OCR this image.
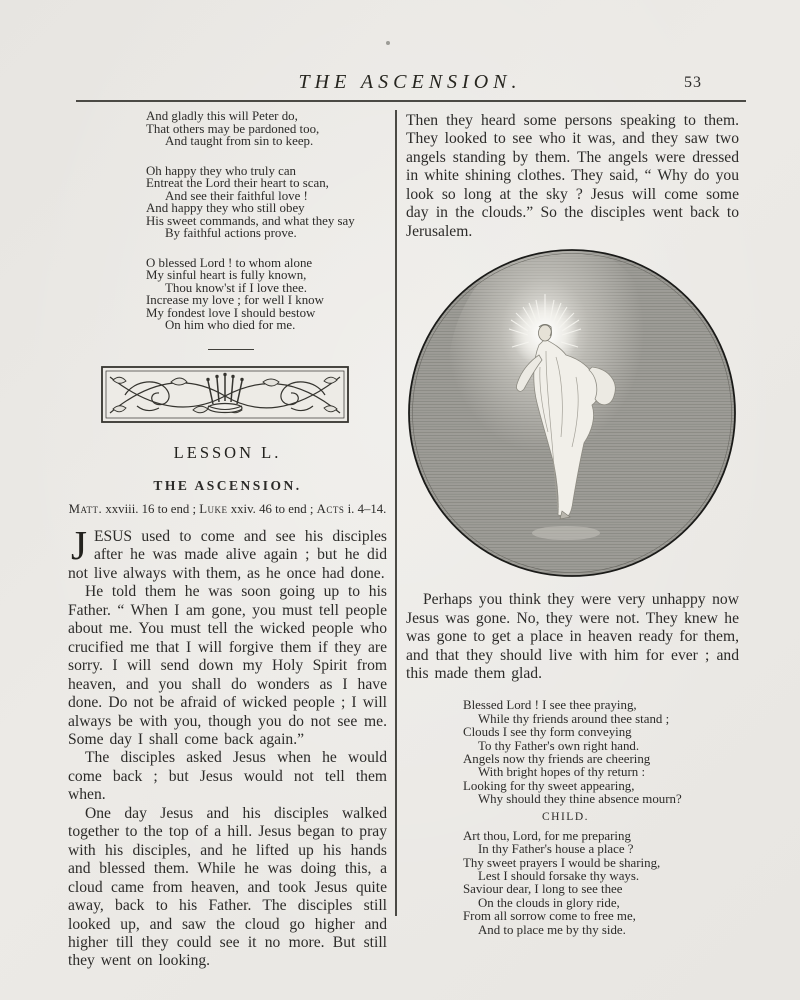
THE ASCENSION.	53
And gladly this will Peter do,
That others may be pardoned too,
And taught from sin to keep.
Oh happy they who truly can
Entreat the Lord their heart to scan,
And see their faithful love !
And happy they who still obey
His sweet commands, and what they say
By faithful actions prove.
O blessed Lord ! to whom alone
My sinful heart is fully known,
Thou know'st if I love thee.
Increase my love ; for well I know
My fondest love I should bestow
On him who died for me.
LESSON L.
THE ASCENSION.
Matt. xxviii. 16 to end ; Luke xxiv. 46 to end ; Acts i. 4–14.

JESUS used to come and see his disciples after he was made alive again ; but he did not live always with them, as he once had done.

He told them he was soon going up to his Father. “ When I am gone, you must tell people about me. You must tell the wicked people who crucified me that I will forgive them if they are sorry. I will send down my Holy Spirit from heaven, and you shall do wonders as I have done. Do not be afraid of wicked people ; I will always be with you, though you do not see me. Some day I shall come back again.”

The disciples asked Jesus when he would come back ; but Jesus would not tell them when.

One day Jesus and his disciples walked together to the top of a hill. Jesus began to pray with his disciples, and he lifted up his hands and blessed them. While he was doing this, a cloud came from heaven, and took Jesus quite away, back to his Father. The disciples still looked up, and saw the cloud go higher and higher till they could see it no more. But still they went on looking.

Then they heard some persons speaking to them. They looked to see who it was, and they saw two angels standing by them. The angels were dressed in white shining clothes. They said, “ Why do you look so long at the sky ? Jesus will come some day in the clouds.” So the disciples went back to Jerusalem.

Perhaps you think they were very unhappy now Jesus was gone. No, they were not. They knew he was gone to get a place in heaven ready for them, and that they should live with him for ever ; and this made them glad.

Blessed Lord ! I see thee praying,
While thy friends around thee stand ;
Clouds I see thy form conveying
To thy Father's own right hand.
Angels now thy friends are cheering
With bright hopes of thy return :
Looking for thy sweet appearing,
Why should they thine absence mourn?
CHILD.
Art thou, Lord, for me preparing
In thy Father's house a place ?
Thy sweet prayers I would be sharing,
Lest I should forsake thy ways.
Saviour dear, I long to see thee
On the clouds in glory ride,
From all sorrow come to free me,
And to place me by thy side.
